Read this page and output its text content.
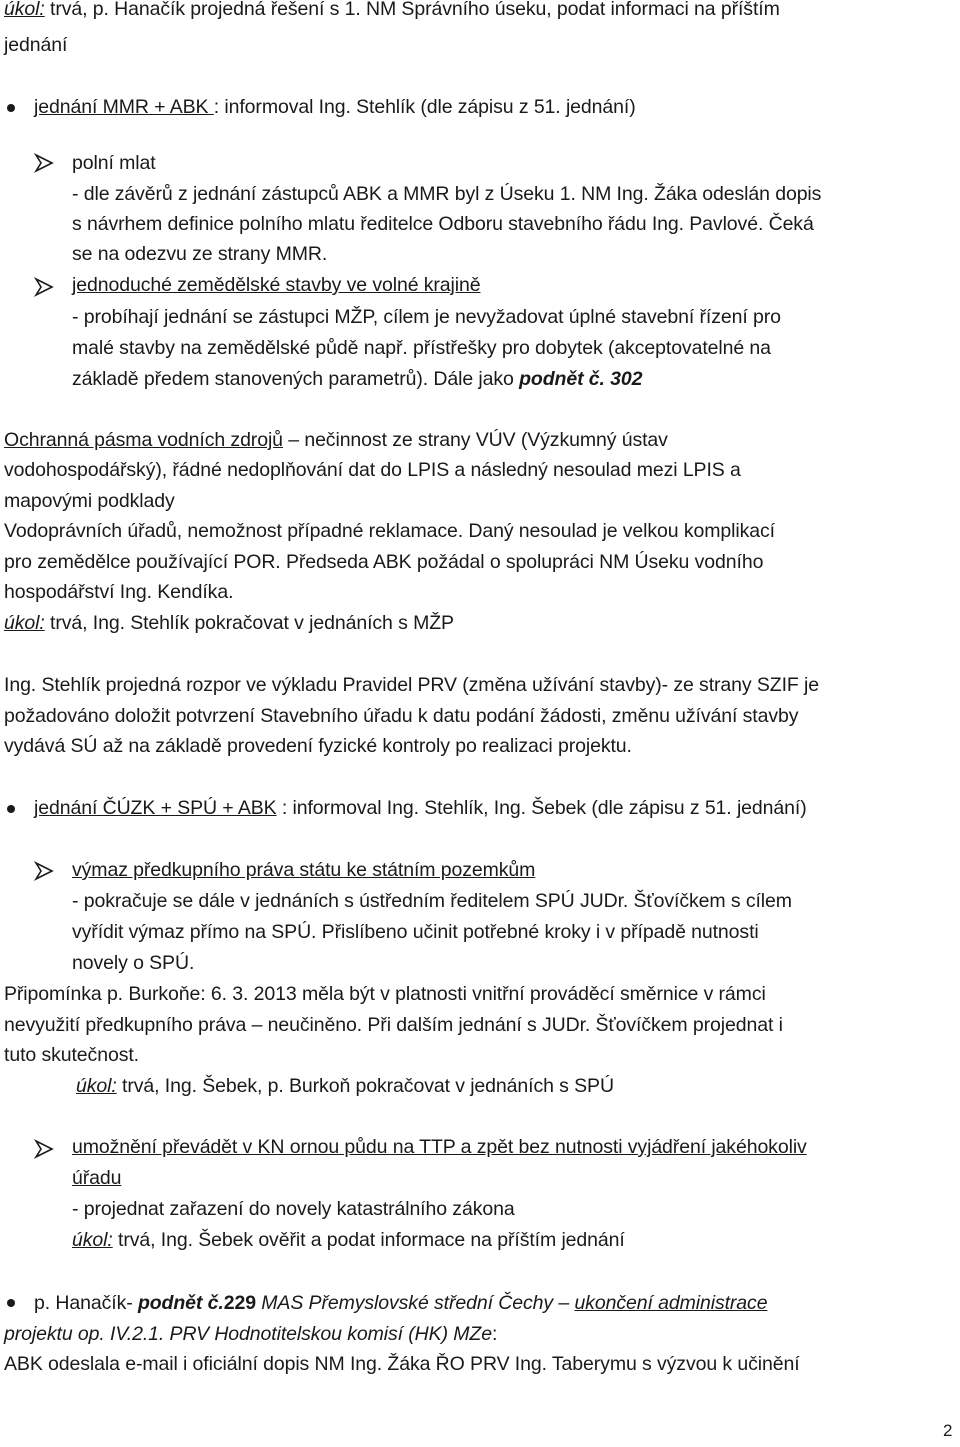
úkol: trvá, p. Hanačík projedná řešení s 1. NM Správního úseku, podat informaci na příštím
jednání
jednání MMR + ABK : informoval Ing. Stehlík (dle zápisu z 51. jednání)
polní mlat
- dle závěrů z jednání zástupců ABK a MMR byl z Úseku 1. NM Ing. Žáka odeslán dopis
s návrhem definice polního mlatu ředitelce Odboru stavebního řádu Ing. Pavlové. Čeká
se na odezvu ze strany MMR.
jednoduché zemědělské stavby ve volné krajině
- probíhají jednání se zástupci MŽP, cílem je nevyžadovat úplné stavební řízení pro
malé stavby na zemědělské půdě např. přístřešky pro dobytek (akceptovatelné na
základě předem stanovených parametrů). Dále jako podnět č. 302
Ochranná pásma vodních zdrojů – nečinnost ze strany VÚV (Výzkumný ústav
vodohospodářský), řádné nedoplňování dat do LPIS a následný nesoulad mezi LPIS a
mapovými podklady
Vodoprávních úřadů, nemožnost případné reklamace. Daný nesoulad je velkou komplikací
pro zemědělce používající POR. Předseda ABK požádal o spolupráci NM Úseku vodního
hospodářství Ing. Kendíka.
úkol: trvá, Ing. Stehlík pokračovat v jednáních s MŽP
Ing. Stehlík projedná rozpor ve výkladu Pravidel PRV (změna užívání stavby)- ze strany SZIF je
požadováno doložit potvrzení Stavebního úřadu k datu podání žádosti, změnu užívání stavby
vydává SÚ až na základě provedení fyzické kontroly po realizaci projektu.
jednání ČÚZK + SPÚ + ABK : informoval Ing. Stehlík, Ing. Šebek (dle zápisu z 51. jednání)
výmaz předkupního práva státu ke státním pozemkům
- pokračuje se dále v jednáních s ústředním ředitelem SPÚ JUDr. Šťovíčkem s cílem
vyřídit výmaz přímo na SPÚ. Přislíbeno učinit potřebné kroky i v případě nutnosti
novely o SPÚ.
Připomínka p. Burkoňe: 6. 3. 2013 měla být v platnosti vnitřní prováděcí směrnice v rámci
nevyužití předkupního práva – neučiněno. Při dalším jednání s JUDr. Šťovíčkem projednat i
tuto skutečnost.
úkol: trvá, Ing. Šebek, p. Burkoň pokračovat v jednáních s SPÚ
umožnění převádět v KN ornou půdu na TTP a zpět bez nutnosti vyjádření jakéhokoliv
úřadu
- projednat zařazení do novely katastrálního zákona
úkol: trvá, Ing. Šebek ověřit a podat informace na příštím jednání
p. Hanačík- podnět č.229 MAS Přemyslovské střední Čechy – ukončení administrace
projektu op. IV.2.1. PRV Hodnotitelskou komisí (HK) MZe:
ABK odeslala e-mail i oficiální dopis NM Ing. Žáka ŘO PRV Ing. Taberymu s výzvou k učinění
2
